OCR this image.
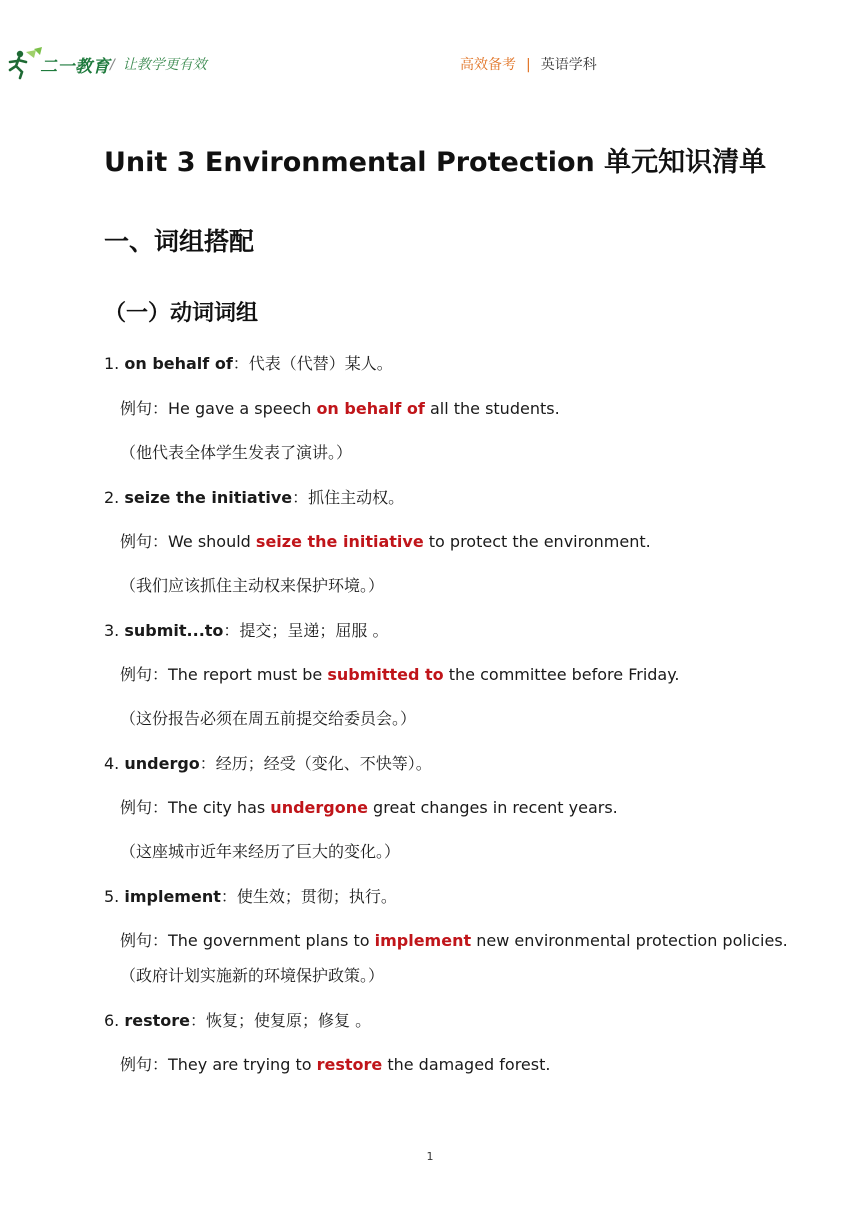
二一教育 / 让教学更有效	高效备考 | 英语学科
Unit 3 Environmental Protection 单元知识清单
一、词组搭配
（一）动词词组
1. on behalf of：代表（代替）某人。
例句：He gave a speech on behalf of all the students.
（他代表全体学生发表了演讲。）
2. seize the initiative：抓住主动权。
例句：We should seize the initiative to protect the environment.
（我们应该抓住主动权来保护环境。）
3. submit...to：提交；呈递；屈服 。
例句：The report must be submitted to the committee before Friday.
（这份报告必须在周五前提交给委员会。）
4. undergo：经历；经受（变化、不快等）。
例句：The city has undergone great changes in recent years.
（这座城市近年来经历了巨大的变化。）
5. implement：使生效；贯彻；执行。
例句：The government plans to implement new environmental protection policies.
（政府计划实施新的环境保护政策。）
6. restore：恢复；使复原；修复 。
例句：They are trying to restore the damaged forest.
1
